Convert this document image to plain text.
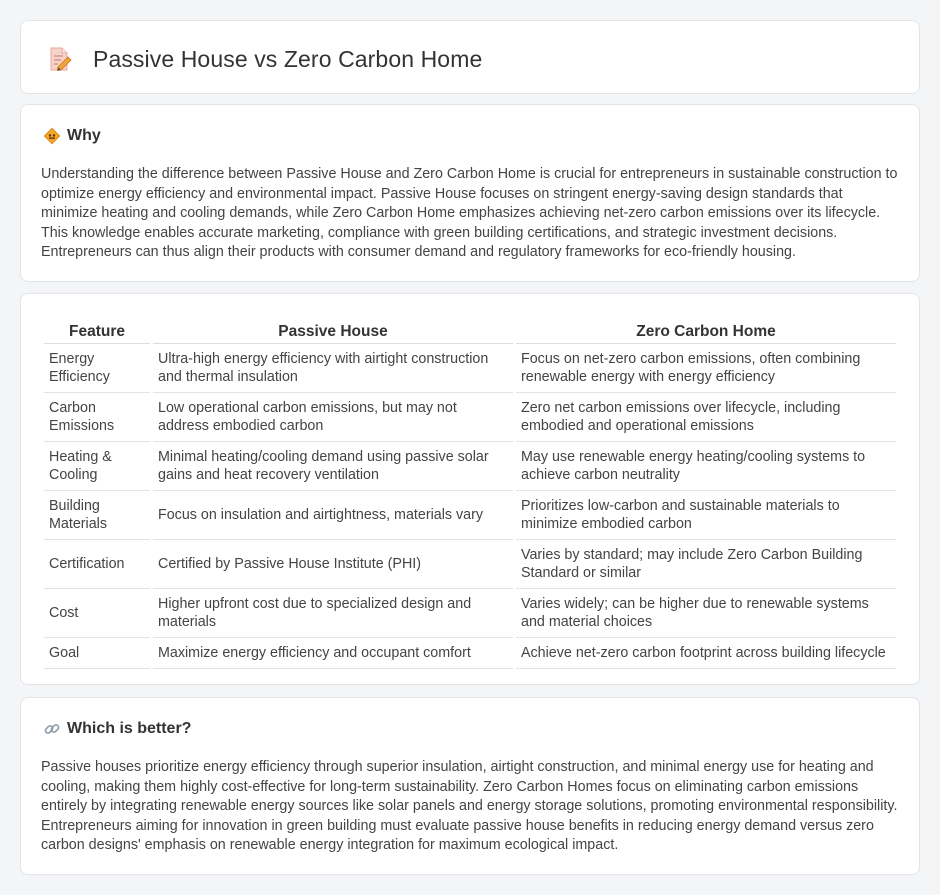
Passive House vs Zero Carbon Home
Why

Understanding the difference between Passive House and Zero Carbon Home is crucial for entrepreneurs in sustainable construction to optimize energy efficiency and environmental impact. Passive House focuses on stringent energy-saving design standards that minimize heating and cooling demands, while Zero Carbon Home emphasizes achieving net-zero carbon emissions over its lifecycle. This knowledge enables accurate marketing, compliance with green building certifications, and strategic investment decisions. Entrepreneurs can thus align their products with consumer demand and regulatory frameworks for eco-friendly housing.

Feature	Passive House	Zero Carbon Home
Energy Efficiency	Ultra-high energy efficiency with airtight construction and thermal insulation	Focus on net-zero carbon emissions, often combining renewable energy with energy efficiency
Carbon Emissions	Low operational carbon emissions, but may not address embodied carbon	Zero net carbon emissions over lifecycle, including embodied and operational emissions
Heating & Cooling	Minimal heating/cooling demand using passive solar gains and heat recovery ventilation	May use renewable energy heating/cooling systems to achieve carbon neutrality
Building Materials	Focus on insulation and airtightness, materials vary	Prioritizes low-carbon and sustainable materials to minimize embodied carbon
Certification	Certified by Passive House Institute (PHI)	Varies by standard; may include Zero Carbon Building Standard or similar
Cost	Higher upfront cost due to specialized design and materials	Varies widely; can be higher due to renewable systems and material choices
Goal	Maximize energy efficiency and occupant comfort	Achieve net-zero carbon footprint across building lifecycle
Which is better?

Passive houses prioritize energy efficiency through superior insulation, airtight construction, and minimal energy use for heating and cooling, making them highly cost-effective for long-term sustainability. Zero Carbon Homes focus on eliminating carbon emissions entirely by integrating renewable energy sources like solar panels and energy storage solutions, promoting environmental responsibility. Entrepreneurs aiming for innovation in green building must evaluate passive house benefits in reducing energy demand versus zero carbon designs' emphasis on renewable energy integration for maximum ecological impact.
